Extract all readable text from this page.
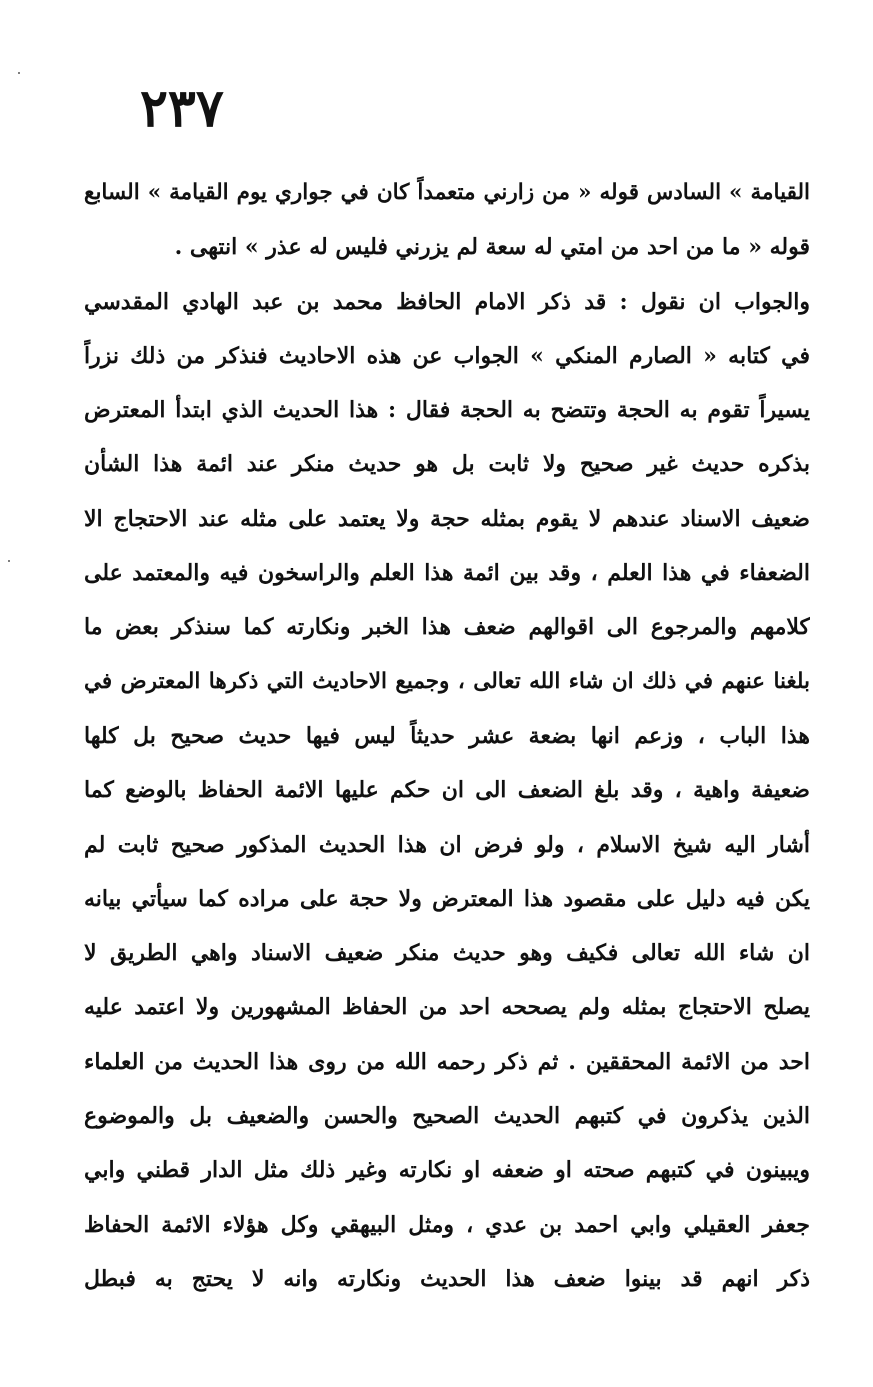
٢٣٧
القيامة » السادس قوله « من زارني متعمداً كان في جواري يوم القيامة » السابع
قوله « ما من احد من امتي له سعة لم يزرني فليس له عذر » انتهى .
والجواب ان نقول : قد ذكر الامام الحافظ محمد بن عبد الهادي المقدسي
في كتابه « الصارم المنكي » الجواب عن هذه الاحاديث فنذكر من ذلك نزراً
يسيراً تقوم به الحجة وتتضح به الحجة فقال : هذا الحديث الذي ابتدأ المعترض
بذكره حديث غير صحيح ولا ثابت بل هو حديث منكر عند ائمة هذا الشأن
ضعيف الاسناد عندهم لا يقوم بمثله حجة ولا يعتمد على مثله عند الاحتجاج الا
الضعفاء في هذا العلم ، وقد بين ائمة هذا العلم والراسخون فيه والمعتمد على
كلامهم والمرجوع الى اقوالهم ضعف هذا الخبر ونكارته كما سنذكر بعض ما
بلغنا عنهم في ذلك ان شاء الله تعالى ، وجميع الاحاديث التي ذكرها المعترض في
هذا الباب ، وزعم انها بضعة عشر حديثاً ليس فيها حديث صحيح بل كلها
ضعيفة واهية ، وقد بلغ الضعف الى ان حكم عليها الائمة الحفاظ بالوضع كما
أشار اليه شيخ الاسلام ، ولو فرض ان هذا الحديث المذكور صحيح ثابت لم
يكن فيه دليل على مقصود هذا المعترض ولا حجة على مراده كما سيأتي بيانه
ان شاء الله تعالى فكيف وهو حديث منكر ضعيف الاسناد واهي الطريق لا
يصلح الاحتجاج بمثله ولم يصححه احد من الحفاظ المشهورين ولا اعتمد عليه
احد من الائمة المحققين . ثم ذكر رحمه الله من روى هذا الحديث من العلماء
الذين يذكرون في كتبهم الحديث الصحيح والحسن والضعيف بل والموضوع
ويبينون في كتبهم صحته او ضعفه او نكارته وغير ذلك مثل الدار قطني وابي
جعفر العقيلي وابي احمد بن عدي ، ومثل البيهقي وكل هؤلاء الائمة الحفاظ
ذكر انهم قد بينوا ضعف هذا الحديث ونكارته وانه لا يحتج به فبطل
